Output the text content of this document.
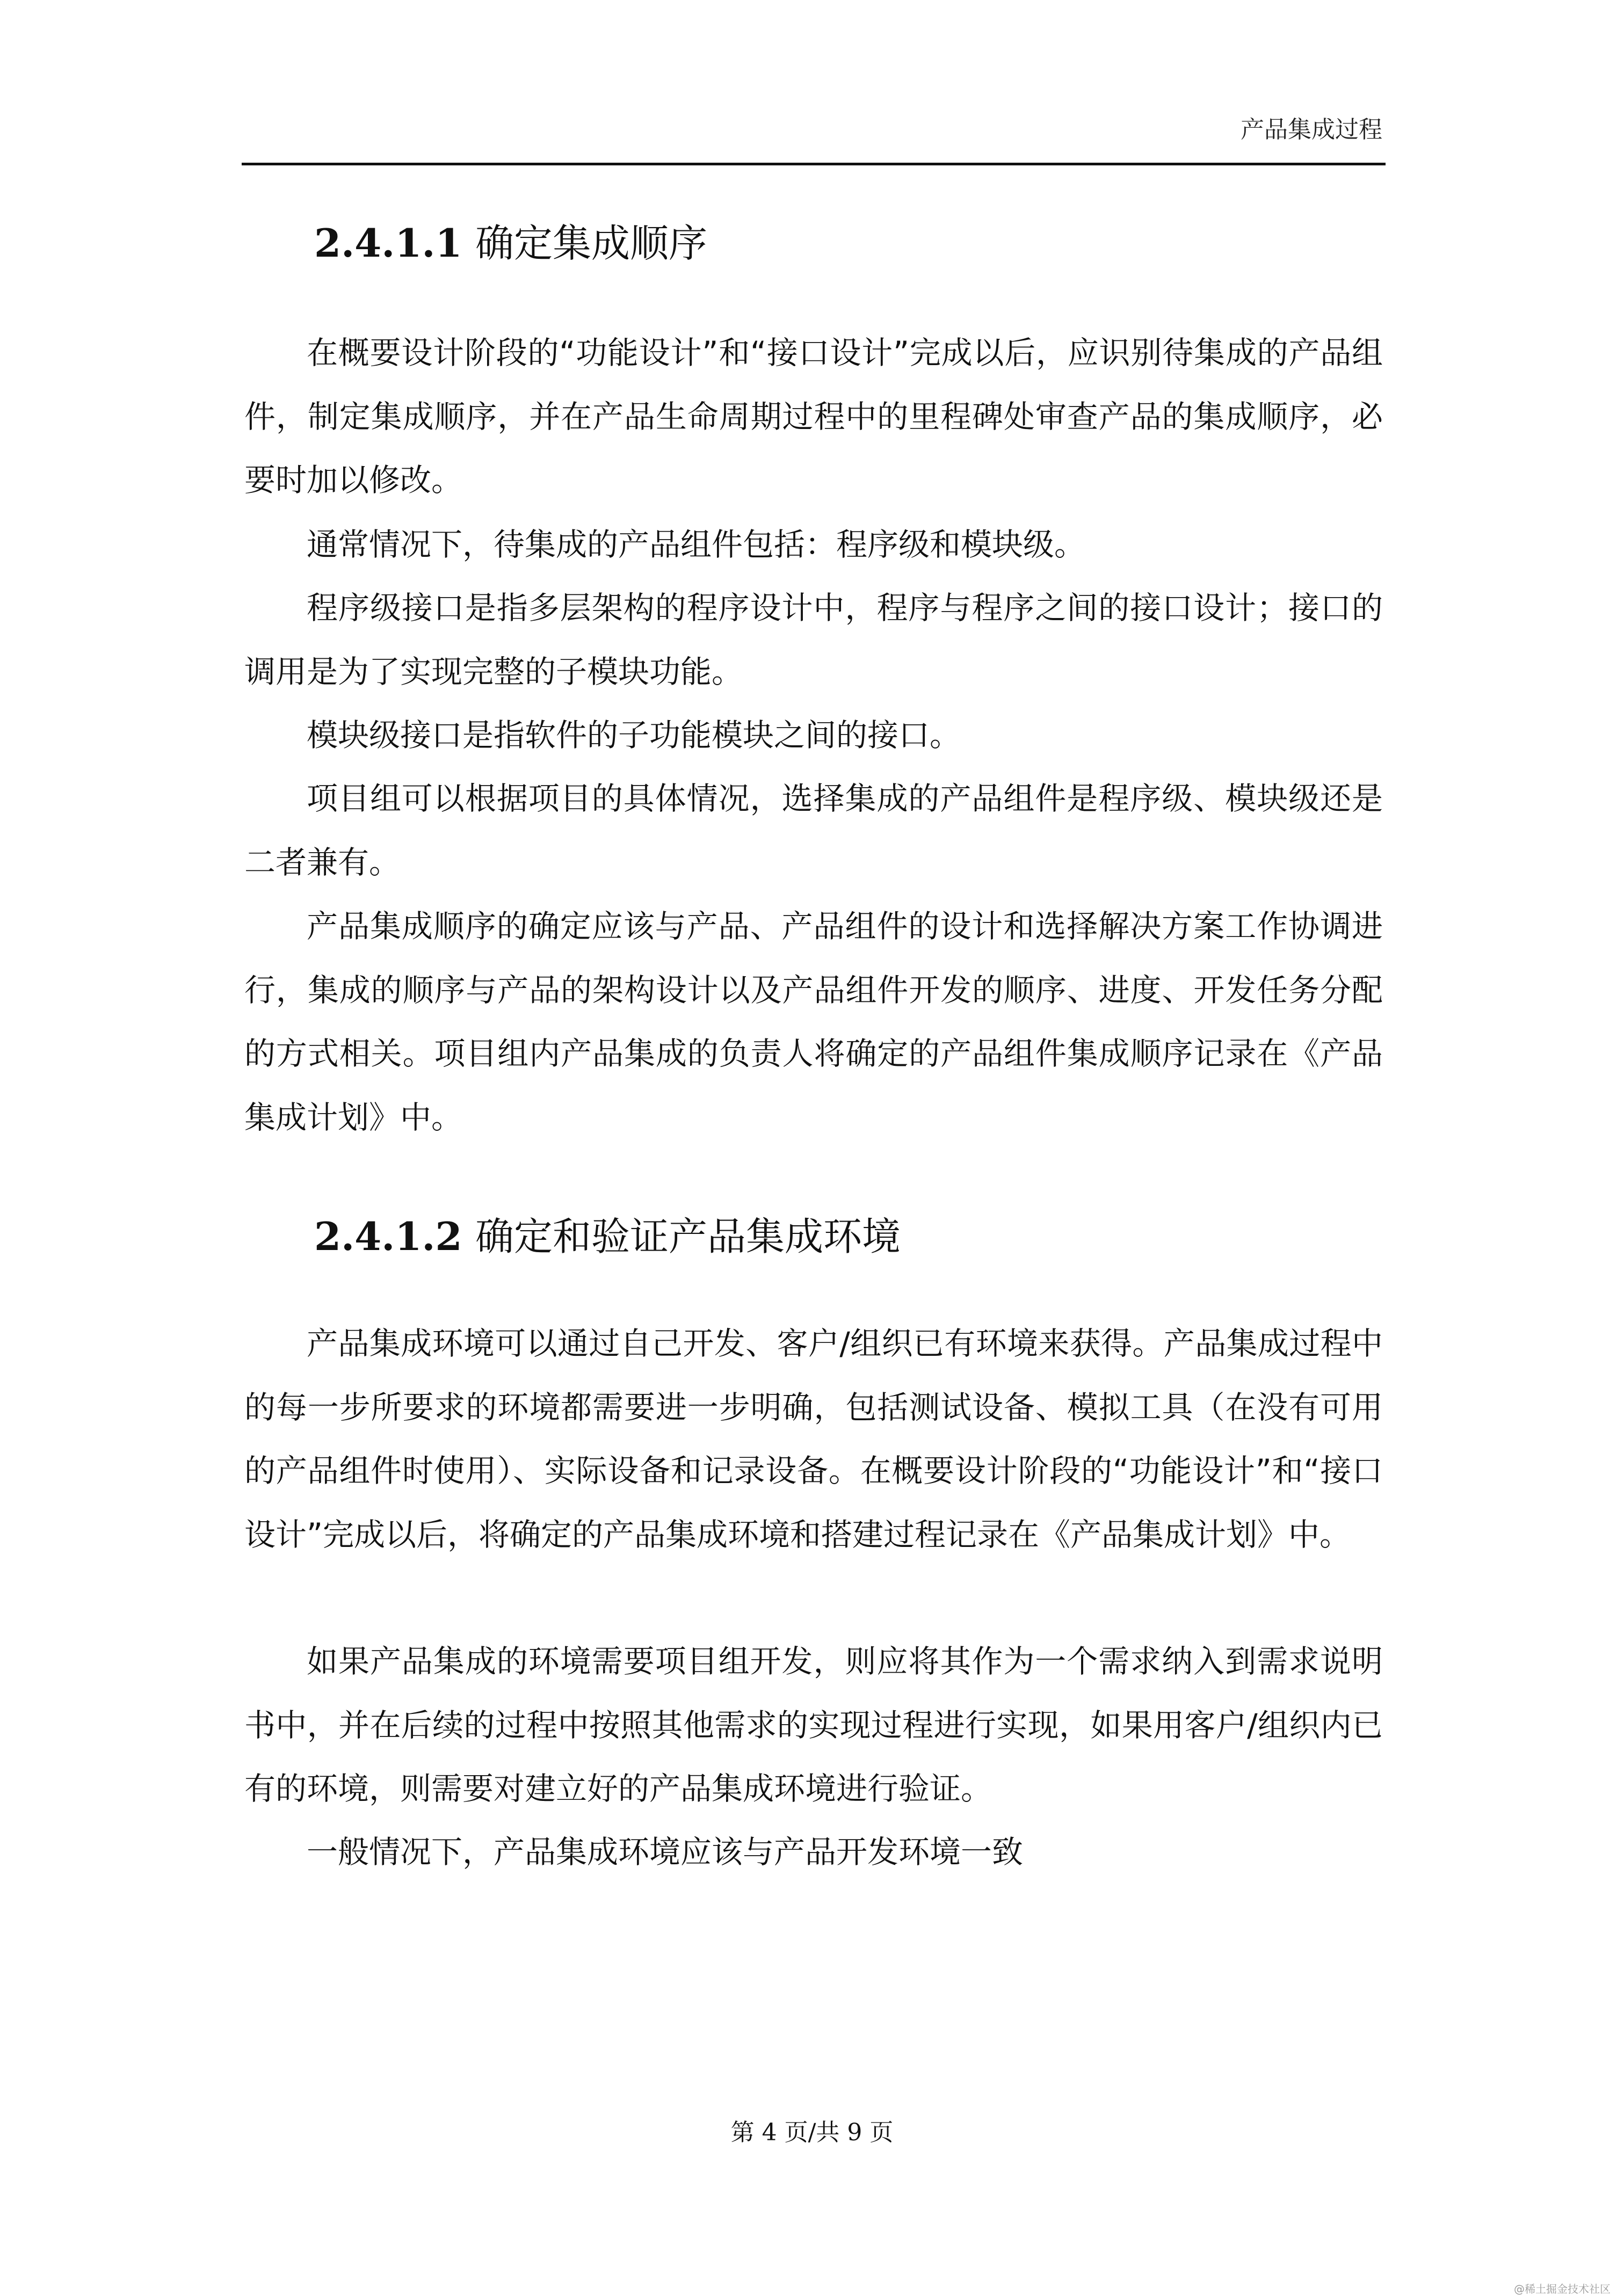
产品集成过程
2.4.1.1 确定集成顺序

在概要设计阶段的“功能设计”和“接口设计”完成以后，应识别待集成的产品组件，制定集成顺序，并在产品生命周期过程中的里程碑处审查产品的集成顺序，必要时加以修改。

通常情况下，待集成的产品组件包括：程序级和模块级。

程序级接口是指多层架构的程序设计中，程序与程序之间的接口设计；接口的调用是为了实现完整的子模块功能。

模块级接口是指软件的子功能模块之间的接口。

项目组可以根据项目的具体情况，选择集成的产品组件是程序级、模块级还是二者兼有。

产品集成顺序的确定应该与产品、产品组件的设计和选择解决方案工作协调进行，集成的顺序与产品的架构设计以及产品组件开发的顺序、进度、开发任务分配的方式相关。项目组内产品集成的负责人将确定的产品组件集成顺序记录在《产品集成计划》中。

2.4.1.2 确定和验证产品集成环境

产品集成环境可以通过自己开发、客户/组织已有环境来获得。产品集成过程中的每一步所要求的环境都需要进一步明确，包括测试设备、模拟工具（在没有可用的产品组件时使用）、实际设备和记录设备。在概要设计阶段的“功能设计”和“接口设计”完成以后，将确定的产品集成环境和搭建过程记录在《产品集成计划》中。

如果产品集成的环境需要项目组开发，则应将其作为一个需求纳入到需求说明书中，并在后续的过程中按照其他需求的实现过程进行实现，如果用客户/组织内已有的环境，则需要对建立好的产品集成环境进行验证。

一般情况下，产品集成环境应该与产品开发环境一致

第 4 页/共 9 页
@稀土掘金技术社区
